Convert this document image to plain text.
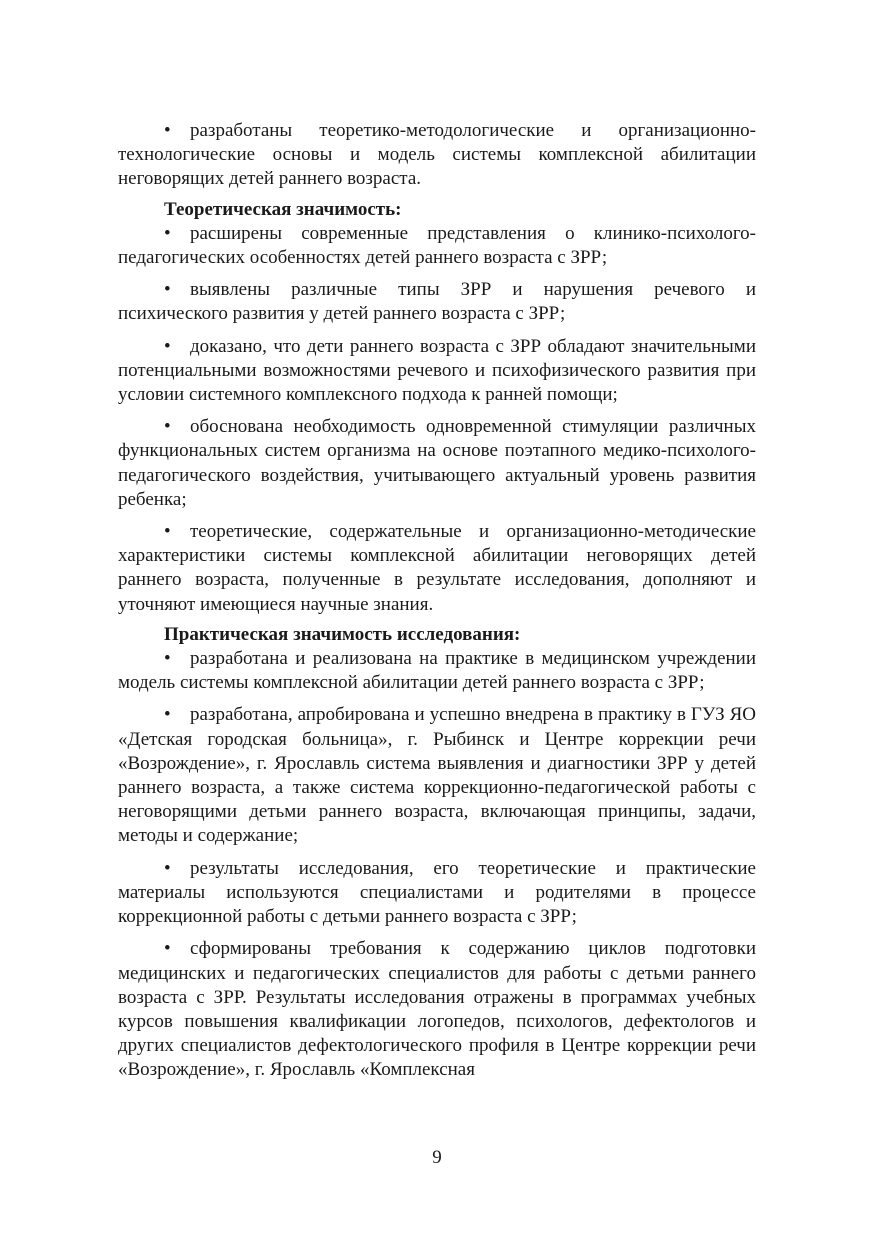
• разработаны теоретико-методологические и организационно-технологические основы и модель системы комплексной абилитации неговорящих детей раннего возраста.

Теоретическая значимость:

• расширены современные представления о клинико-психолого-педагогических особенностях детей раннего возраста с ЗРР;

• выявлены различные типы ЗРР и нарушения речевого и психического развития у детей раннего возраста с ЗРР;

• доказано, что дети раннего возраста с ЗРР обладают значительными потенциальными возможностями речевого и психофизического развития при условии системного комплексного подхода к ранней помощи;

• обоснована необходимость одновременной стимуляции различных функциональных систем организма на основе поэтапного медико-психолого-педагогического воздействия, учитывающего актуальный уровень развития ребенка;

• теоретические, содержательные и организационно-методические характеристики системы комплексной абилитации неговорящих детей раннего возраста, полученные в результате исследования, дополняют и уточняют имеющиеся научные знания.

Практическая значимость исследования:

• разработана и реализована на практике в медицинском учреждении модель системы комплексной абилитации детей раннего возраста с ЗРР;

• разработана, апробирована и успешно внедрена в практику в ГУЗ ЯО «Детская городская больница», г. Рыбинск и Центре коррекции речи «Возрождение», г. Ярославль система выявления и диагностики ЗРР у детей раннего возраста, а также система коррекционно-педагогической работы с неговорящими детьми раннего возраста, включающая принципы, задачи, методы и содержание;

• результаты исследования, его теоретические и практические материалы используются специалистами и родителями в процессе коррекционной работы с детьми раннего возраста с ЗРР;

• сформированы требования к содержанию циклов подготовки медицинских и педагогических специалистов для работы с детьми раннего возраста с ЗРР. Результаты исследования отражены в программах учебных курсов повышения квалификации логопедов, психологов, дефектологов и других специалистов дефектологического профиля в Центре коррекции речи «Возрождение», г. Ярославль «Комплексная

9
